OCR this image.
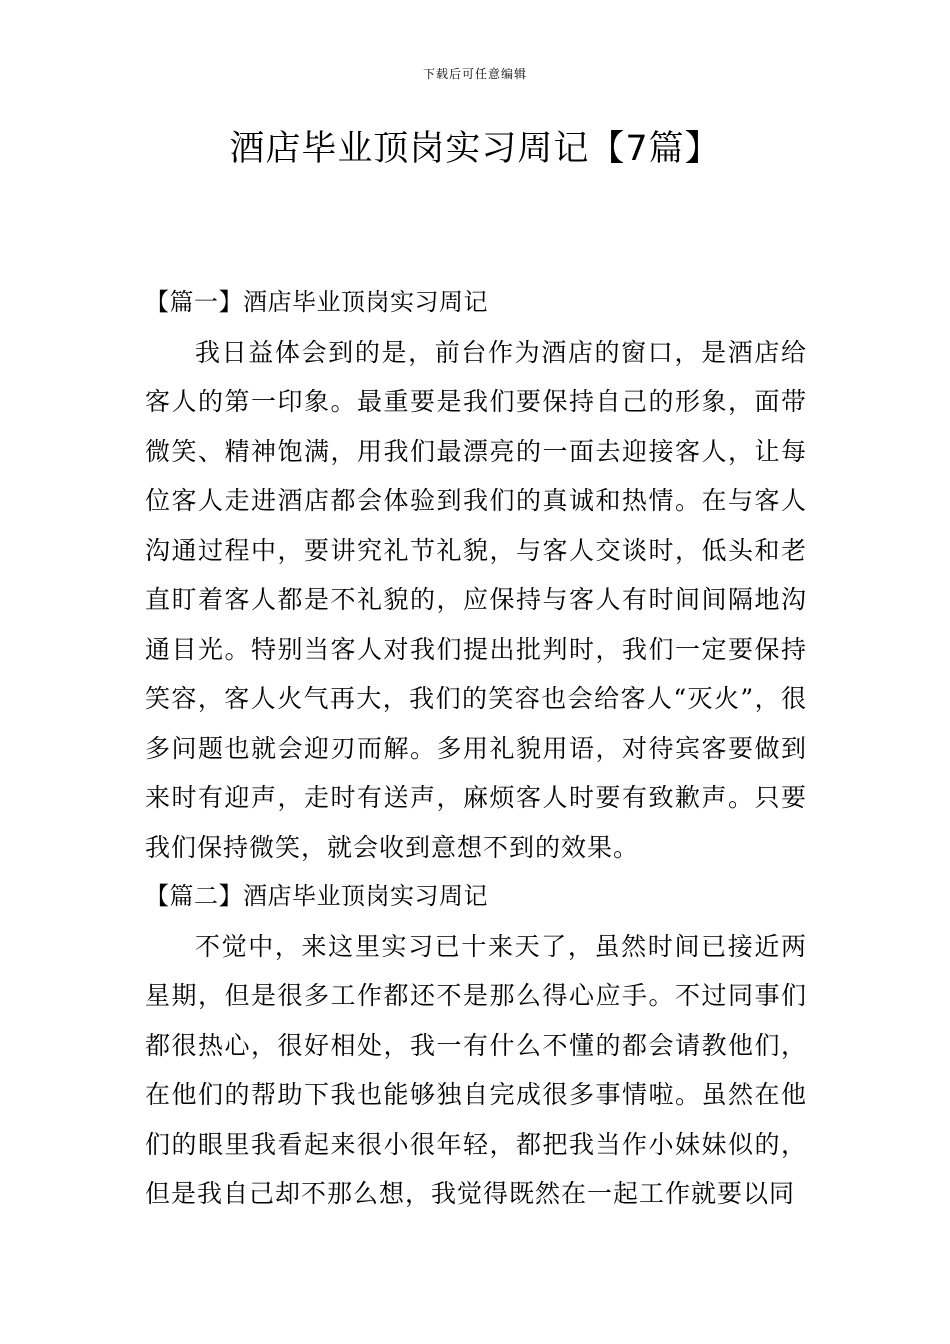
下载后可任意编辑
酒店毕业顶岗实习周记【7篇】
【篇一】酒店毕业顶岗实习周记

我日益体会到的是，前台作为酒店的窗口，是酒店给客人的第一印象。最重要是我们要保持自己的形象，面带微笑、精神饱满，用我们最漂亮的一面去迎接客人，让每位客人走进酒店都会体验到我们的真诚和热情。在与客人沟通过程中，要讲究礼节礼貌，与客人交谈时，低头和老直盯着客人都是不礼貌的，应保持与客人有时间间隔地沟通目光。特别当客人对我们提出批判时，我们一定要保持笑容，客人火气再大，我们的笑容也会给客人“灭火”，很多问题也就会迎刃而解。多用礼貌用语，对待宾客要做到来时有迎声，走时有送声，麻烦客人时要有致歉声。只要我们保持微笑，就会收到意想不到的效果。

【篇二】酒店毕业顶岗实习周记

不觉中，来这里实习已十来天了，虽然时间已接近两星期，但是很多工作都还不是那么得心应手。不过同事们都很热心，很好相处，我一有什么不懂的都会请教他们，在他们的帮助下我也能够独自完成很多事情啦。虽然在他们的眼里我看起来很小很年轻，都把我当作小妹妹似的，但是我自己却不那么想，我觉得既然在一起工作就要以同
